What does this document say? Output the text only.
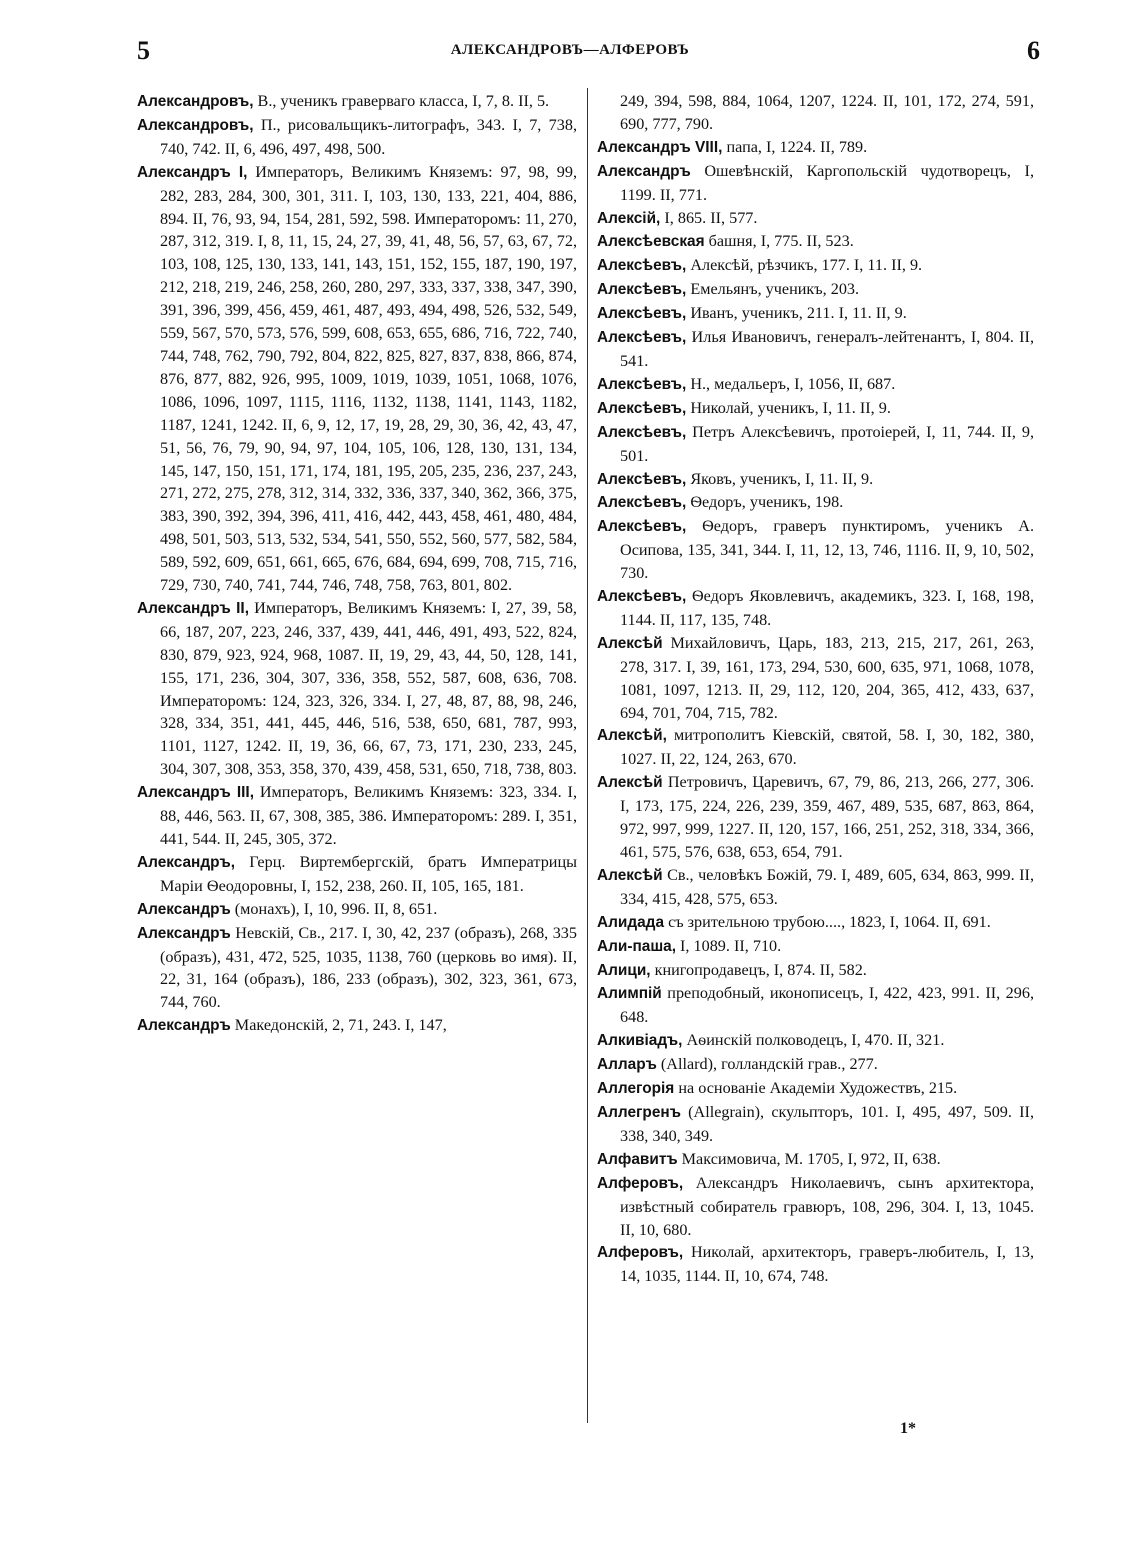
5	АЛЕКСАНДРОВЪ—АЛФЕРОВЪ	6

Александровъ, В., ученикъ граверваго класса, I, 7, 8. II, 5.

Александровъ, П., рисовальщикъ-литографъ, 343. I, 7, 738, 740, 742. II, 6, 496, 497, 498, 500.

Александръ I, Императоръ, Великимъ Княземъ: 97, 98, 99, 282, 283, 284, 300, 301, 311. I, 103, 130, 133, 221, 404, 886, 894. II, 76, 93, 94, 154, 281, 592, 598. Императоромъ: 11, 270, 287, 312, 319. I, 8, 11, 15, 24, 27, 39, 41, 48, 56, 57, 63, 67, 72, 103, 108, 125, 130, 133, 141, 143, 151, 152, 155, 187, 190, 197, 212, 218, 219, 246, 258, 260, 280, 297, 333, 337, 338, 347, 390, 391, 396, 399, 456, 459, 461, 487, 493, 494, 498, 526, 532, 549, 559, 567, 570, 573, 576, 599, 608, 653, 655, 686, 716, 722, 740, 744, 748, 762, 790, 792, 804, 822, 825, 827, 837, 838, 866, 874, 876, 877, 882, 926, 995, 1009, 1019, 1039, 1051, 1068, 1076, 1086, 1096, 1097, 1115, 1116, 1132, 1138, 1141, 1143, 1182, 1187, 1241, 1242. II, 6, 9, 12, 17, 19, 28, 29, 30, 36, 42, 43, 47, 51, 56, 76, 79, 90, 94, 97, 104, 105, 106, 128, 130, 131, 134, 145, 147, 150, 151, 171, 174, 181, 195, 205, 235, 236, 237, 243, 271, 272, 275, 278, 312, 314, 332, 336, 337, 340, 362, 366, 375, 383, 390, 392, 394, 396, 411, 416, 442, 443, 458, 461, 480, 484, 498, 501, 503, 513, 532, 534, 541, 550, 552, 560, 577, 582, 584, 589, 592, 609, 651, 661, 665, 676, 684, 694, 699, 708, 715, 716, 729, 730, 740, 741, 744, 746, 748, 758, 763, 801, 802.

Александръ II, Императоръ, Великимъ Княземъ: I, 27, 39, 58, 66, 187, 207, 223, 246, 337, 439, 441, 446, 491, 493, 522, 824, 830, 879, 923, 924, 968, 1087. II, 19, 29, 43, 44, 50, 128, 141, 155, 171, 236, 304, 307, 336, 358, 552, 587, 608, 636, 708. Императоромъ: 124, 323, 326, 334. I, 27, 48, 87, 88, 98, 246, 328, 334, 351, 441, 445, 446, 516, 538, 650, 681, 787, 993, 1101, 1127, 1242. II, 19, 36, 66, 67, 73, 171, 230, 233, 245, 304, 307, 308, 353, 358, 370, 439, 458, 531, 650, 718, 738, 803.

Александръ III, Императоръ, Великимъ Княземъ: 323, 334. I, 88, 446, 563. II, 67, 308, 385, 386. Императоромъ: 289. I, 351, 441, 544. II, 245, 305, 372.

Александръ, Герц. Виртембергскій, братъ Императрицы Маріи Ѳеодоровны, I, 152, 238, 260. II, 105, 165, 181.

Александръ (монахъ), I, 10, 996. II, 8, 651.

Александръ Невскій, Св., 217. I, 30, 42, 237 (образъ), 268, 335 (образъ), 431, 472, 525, 1035, 1138, 760 (церковь во имя). II, 22, 31, 164 (образъ), 186, 233 (образъ), 302, 323, 361, 673, 744, 760.

Александръ Македонскій, 2, 71, 243. I, 147,

249, 394, 598, 884, 1064, 1207, 1224. II, 101, 172, 274, 591, 690, 777, 790.

Александръ VIII, папа, I, 1224. II, 789.

Александръ Ошевѣнскій, Каргопольскій чудотворецъ, I, 1199. II, 771.

Алексій, I, 865. II, 577.

Алексѣевская башня, I, 775. II, 523.

Алексѣевъ, Алексѣй, рѣзчикъ, 177. I, 11. II, 9.

Алексѣевъ, Емельянъ, ученикъ, 203.

Алексѣевъ, Иванъ, ученикъ, 211. I, 11. II, 9.

Алексѣевъ, Илья Ивановичъ, генералъ-лейтенантъ, I, 804. II, 541.

Алексѣевъ, Н., медальеръ, I, 1056, II, 687.

Алексѣевъ, Николай, ученикъ, I, 11. II, 9.

Алексѣевъ, Петръ Алексѣевичъ, протоіерей, I, 11, 744. II, 9, 501.

Алексѣевъ, Яковъ, ученикъ, I, 11. II, 9.

Алексѣевъ, Ѳедоръ, ученикъ, 198.

Алексѣевъ, Ѳедоръ, граверъ пунктиромъ, ученикъ А. Осипова, 135, 341, 344. I, 11, 12, 13, 746, 1116. II, 9, 10, 502, 730.

Алексѣевъ, Ѳедоръ Яковлевичъ, академикъ, 323. I, 168, 198, 1144. II, 117, 135, 748.

Алексѣй Михайловичъ, Царь, 183, 213, 215, 217, 261, 263, 278, 317. I, 39, 161, 173, 294, 530, 600, 635, 971, 1068, 1078, 1081, 1097, 1213. II, 29, 112, 120, 204, 365, 412, 433, 637, 694, 701, 704, 715, 782.

Алексѣй, митрополитъ Кіевскій, святой, 58. I, 30, 182, 380, 1027. II, 22, 124, 263, 670.

Алексѣй Петровичъ, Царевичъ, 67, 79, 86, 213, 266, 277, 306. I, 173, 175, 224, 226, 239, 359, 467, 489, 535, 687, 863, 864, 972, 997, 999, 1227. II, 120, 157, 166, 251, 252, 318, 334, 366, 461, 575, 576, 638, 653, 654, 791.

Алексѣй Св., человѣкъ Божій, 79. I, 489, 605, 634, 863, 999. II, 334, 415, 428, 575, 653.

Алидада съ зрительною трубою...., 1823, I, 1064. II, 691.

Али-паша, I, 1089. II, 710.

Алици, книгопродавецъ, I, 874. II, 582.

Алимпій преподобный, иконописецъ, I, 422, 423, 991. II, 296, 648.

Алкивіадъ, Аѳинскій полководецъ, I, 470. II, 321.

Алларъ (Allard), голландскій грав., 277.

Аллегорія на основаніе Академіи Художествъ, 215.

Аллегренъ (Allegrain), скульпторъ, 101. I, 495, 497, 509. II, 338, 340, 349.

Алфавитъ Максимовича, М. 1705, I, 972, II, 638.

Алферовъ, Александръ Николаевичъ, сынъ архитектора, извѣстный собиратель гравюръ, 108, 296, 304. I, 13, 1045. II, 10, 680.

Алферовъ, Николай, архитекторъ, граверъ-любитель, I, 13, 14, 1035, 1144. II, 10, 674, 748.

1*
